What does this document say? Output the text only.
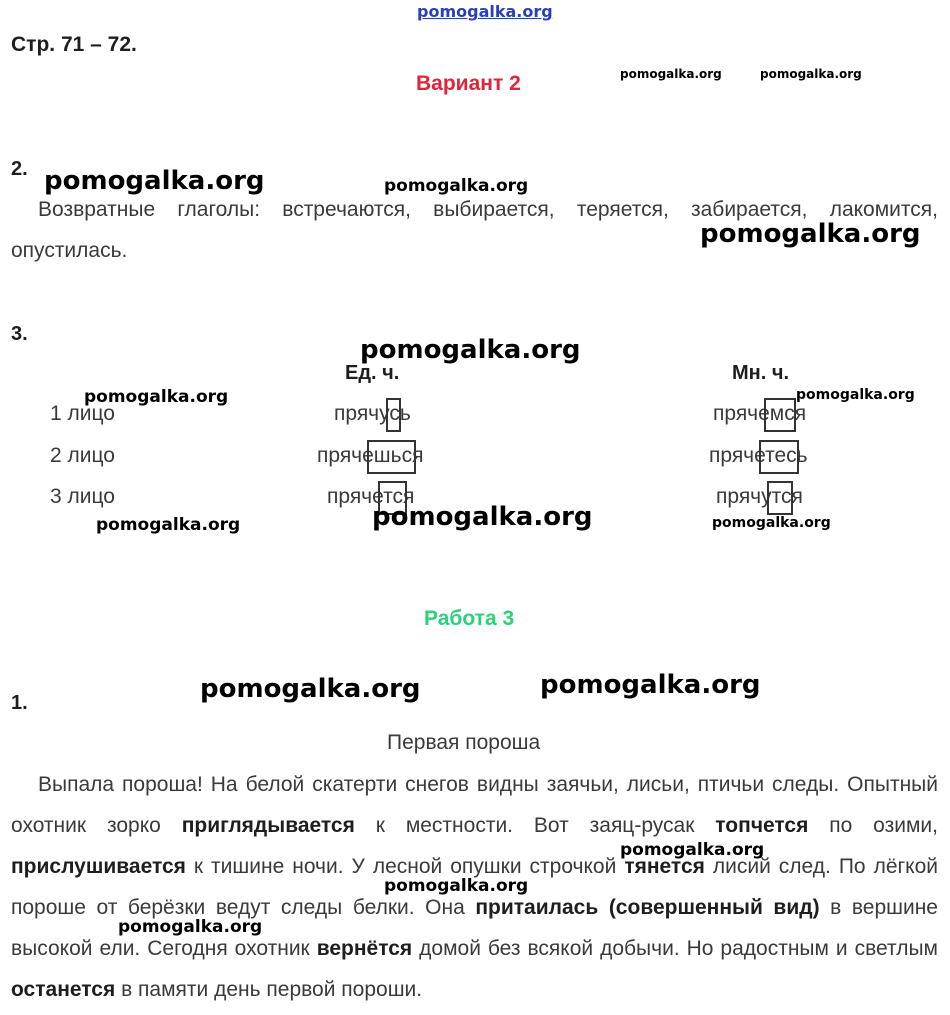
pomogalka.org
pomogalka.org	pomogalka.org
pomogalka.org	pomogalka.org
pomogalka.org
pomogalka.org
pomogalka.org	pomogalka.org
pomogalka.org	pomogalka.org	pomogalka.org
pomogalka.org	pomogalka.org
pomogalka.org
pomogalka.org
pomogalka.org
Стр. 71 – 72.
Вариант 2
2.
Возвратные глаголы: встречаются, выбирается, теряется, забирается, лакомится, опустилась.
3.
Ед. ч.	Мн. ч.
1 лицо	прячусь	прячемся
2 лицо	прячешься	прячетесь
3 лицо	прячется	прячутся
Работа 3
1.
Первая пороша
Выпала пороша! На белой скатерти снегов видны заячьи, лисьи, птичьи следы. Опытный охотник зорко приглядывается к местности. Вот заяц-русак топчется по озими, прислушивается к тишине ночи. У лесной опушки строчкой тянется лисий след. По лёгкой пороше от берёзки ведут следы белки. Она притаилась (совершенный вид) в вершине высокой ели. Сегодня охотник вернётся домой без всякой добычи. Но радостным и светлым останется в памяти день первой пороши.
